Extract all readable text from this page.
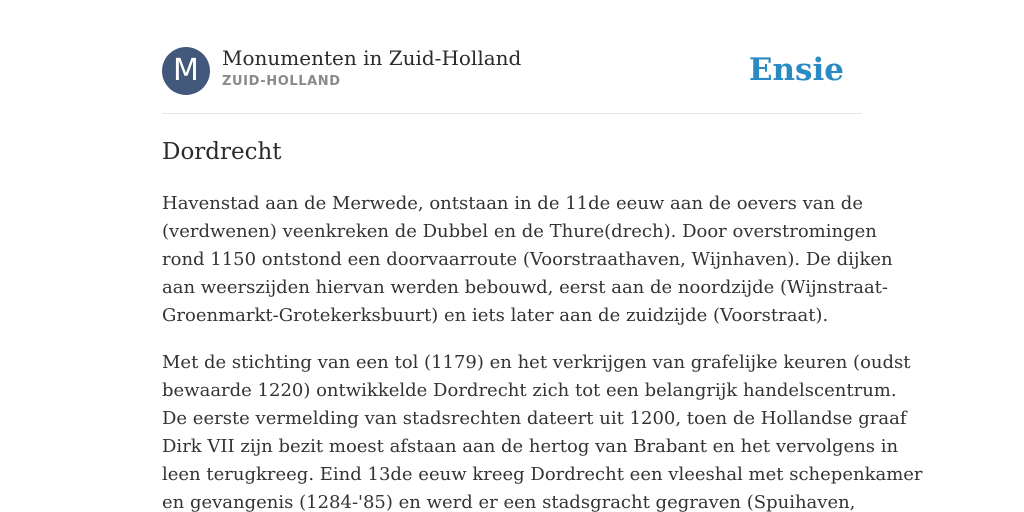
M	Monumenten in Zuid-Holland
ZUID-HOLLAND	Ensie
Dordrecht

Havenstad aan de Merwede, ontstaan in de 11de eeuw aan de oevers van de
(verdwenen) veenkreken de Dubbel en de Thure(drech). Door overstromingen
rond 1150 ontstond een doorvaarroute (Voorstraathaven, Wijnhaven). De dijken
aan weerszijden hiervan werden bebouwd, eerst aan de noordzijde (Wijnstraat-
Groenmarkt-Grotekerksbuurt) en iets later aan de zuidzijde (Voorstraat).

Met de stichting van een tol (1179) en het verkrijgen van grafelijke keuren (oudst
bewaarde 1220) ontwikkelde Dordrecht zich tot een belangrijk handelscentrum.
De eerste vermelding van stadsrechten dateert uit 1200, toen de Hollandse graaf
Dirk VII zijn bezit moest afstaan aan de hertog van Brabant en het vervolgens in
leen terugkreeg. Eind 13de eeuw kreeg Dordrecht een vleeshal met schepenkamer
en gevangenis (1284-'85) en werd er een stadsgracht gegraven (Spuihaven,
